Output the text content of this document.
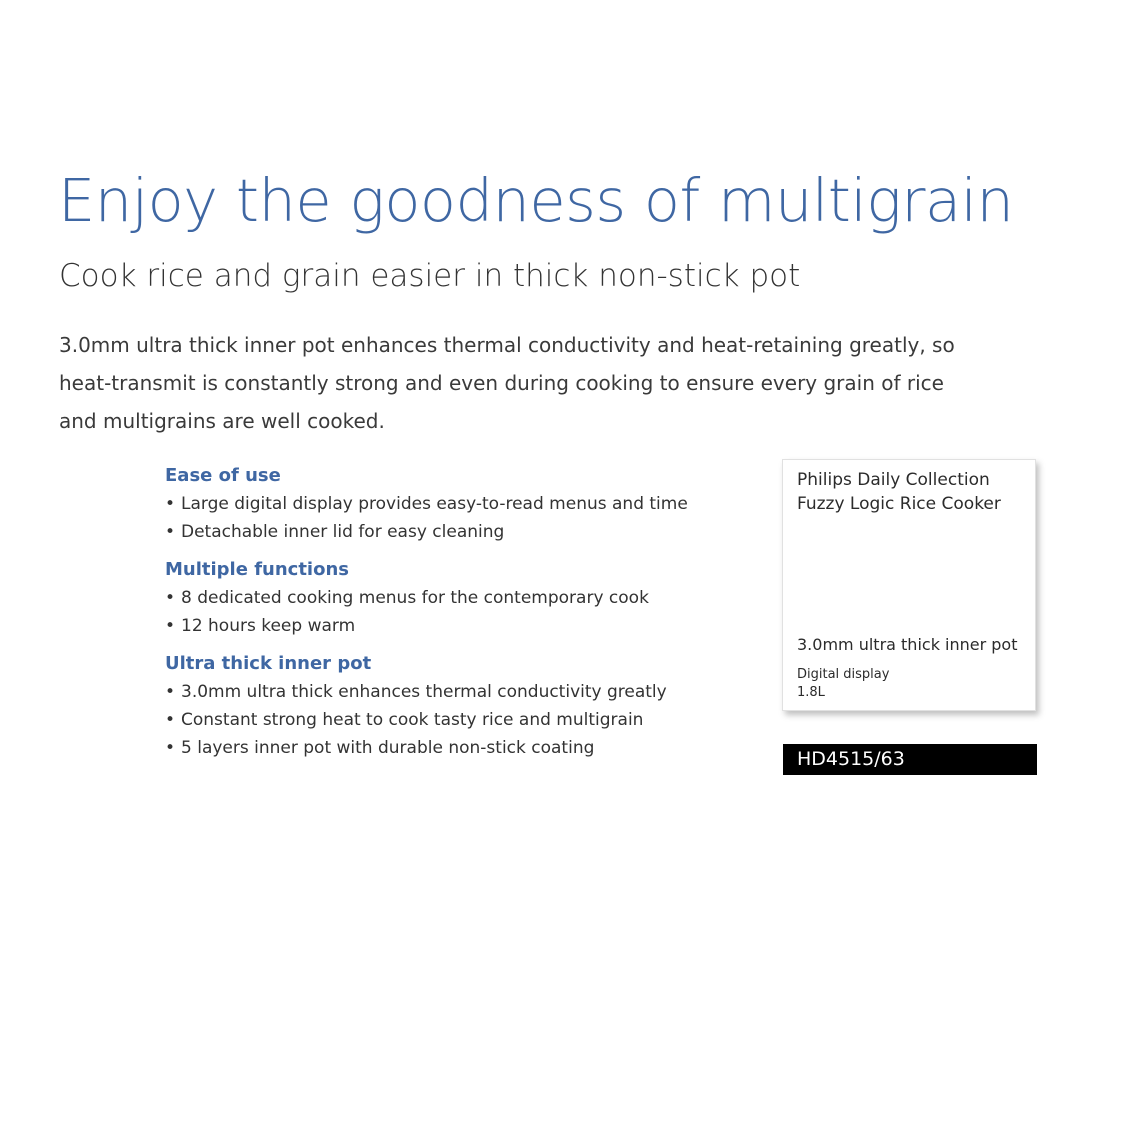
Enjoy the goodness of multigrain
Cook rice and grain easier in thick non-stick pot

3.0mm ultra thick inner pot enhances thermal conductivity and heat-retaining greatly, so heat-transmit is constantly strong and even during cooking to ensure every grain of rice and multigrains are well cooked.

Ease of use
• Large digital display provides easy-to-read menus and time
• Detachable inner lid for easy cleaning
Multiple functions
• 8 dedicated cooking menus for the contemporary cook
• 12 hours keep warm
Ultra thick inner pot
• 3.0mm ultra thick enhances thermal conductivity greatly
• Constant strong heat to cook tasty rice and multigrain
• 5 layers inner pot with durable non-stick coating

Philips Daily Collection
Fuzzy Logic Rice Cooker

3.0mm ultra thick inner pot

Digital display

1.8L

HD4515/63
